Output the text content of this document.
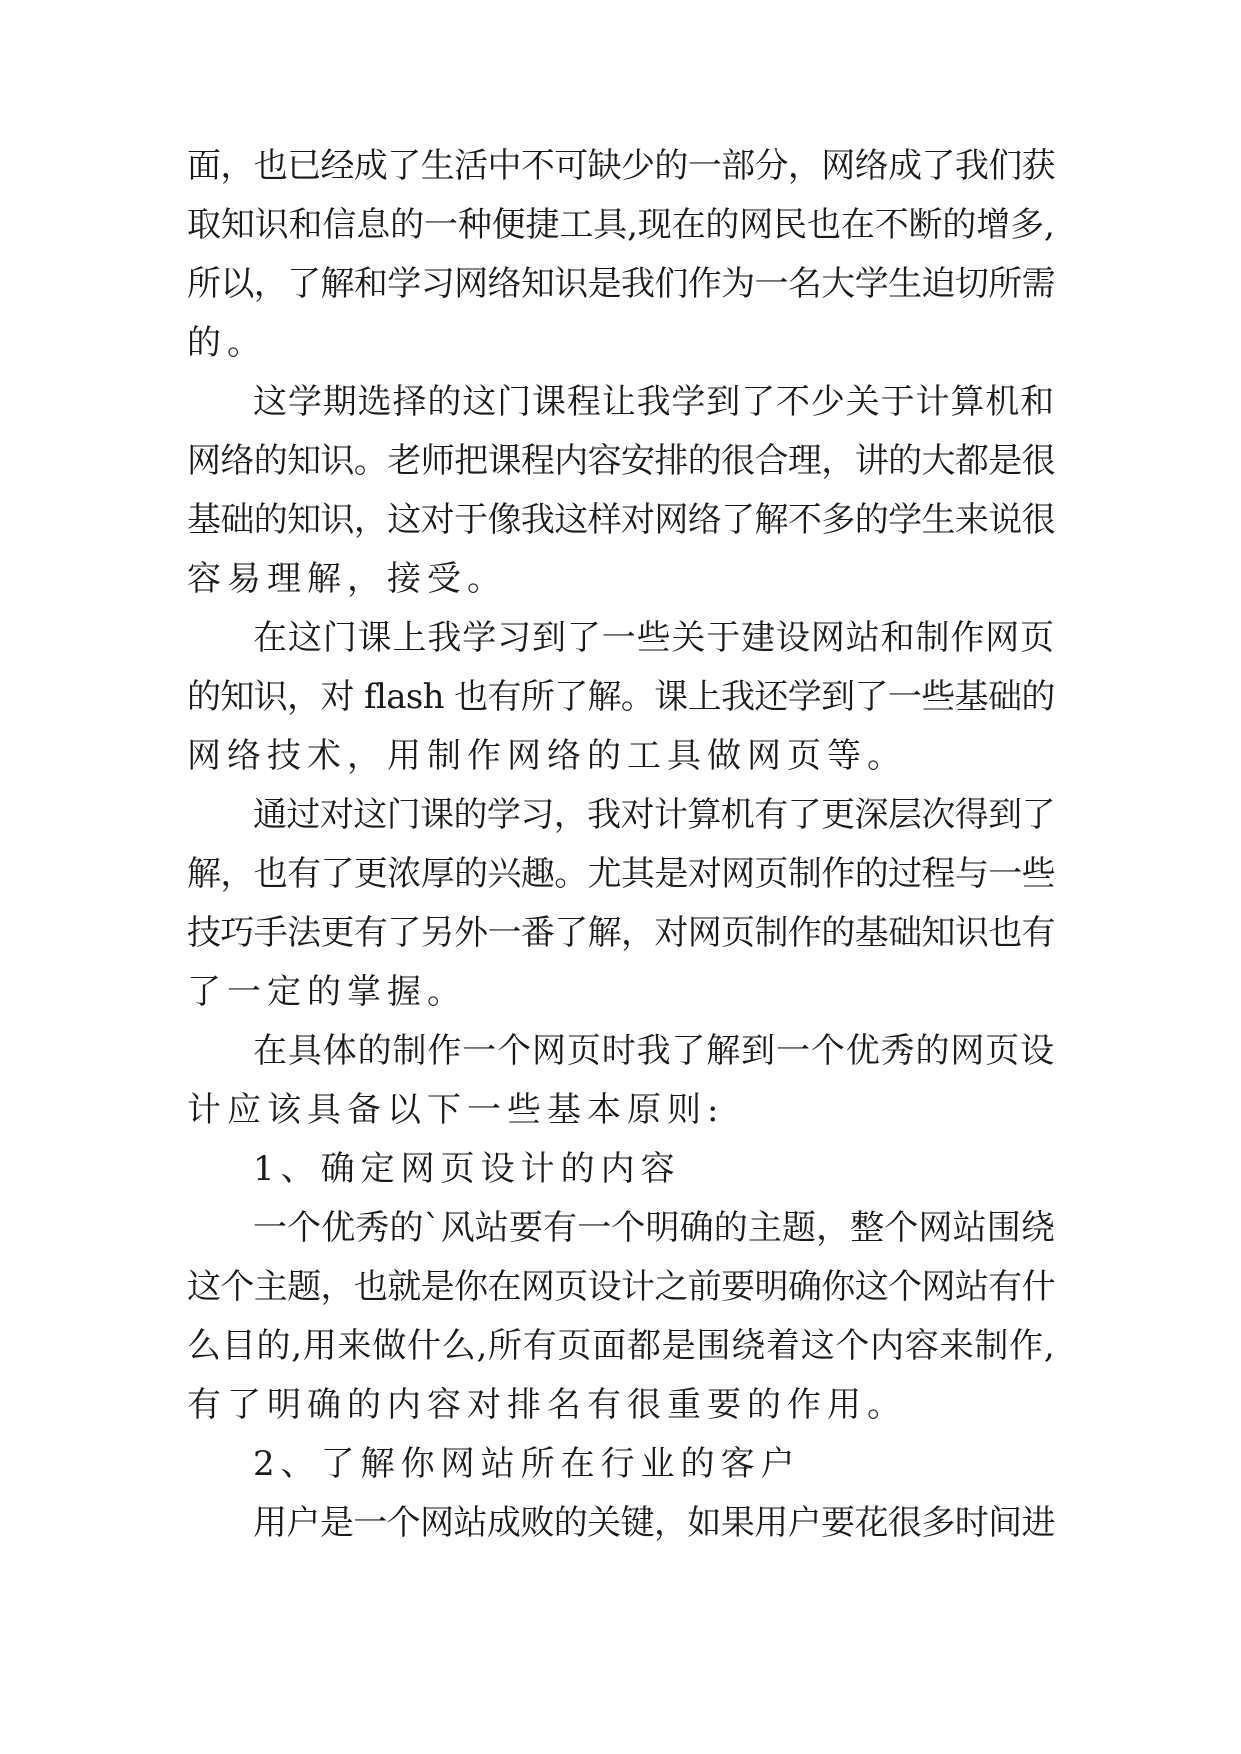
面，也已经成了生活中不可缺少的一部分，网络成了我们获
取知识和信息的一种便捷工具,现在的网民也在不断的增多,
所以，了解和学习网络知识是我们作为一名大学生迫切所需
的。
这学期选择的这门课程让我学到了不少关于计算机和
网络的知识。老师把课程内容安排的很合理，讲的大都是很
基础的知识，这对于像我这样对网络了解不多的学生来说很
容易理解，接受。
在这门课上我学习到了一些关于建设网站和制作网页
的知识，对 flash 也有所了解。课上我还学到了一些基础的
网络技术，用制作网络的工具做网页等。
通过对这门课的学习，我对计算机有了更深层次得到了
解，也有了更浓厚的兴趣。尤其是对网页制作的过程与一些
技巧手法更有了另外一番了解，对网页制作的基础知识也有
了一定的掌握。
在具体的制作一个网页时我了解到一个优秀的网页设
计应该具备以下一些基本原则:
1、确定网页设计的内容
一个优秀的`风站要有一个明确的主题，整个网站围绕
这个主题，也就是你在网页设计之前要明确你这个网站有什
么目的,用来做什么,所有页面都是围绕着这个内容来制作,
有了明确的内容对排名有很重要的作用。
2、了解你网站所在行业的客户
用户是一个网站成败的关键，如果用户要花很多时间进
